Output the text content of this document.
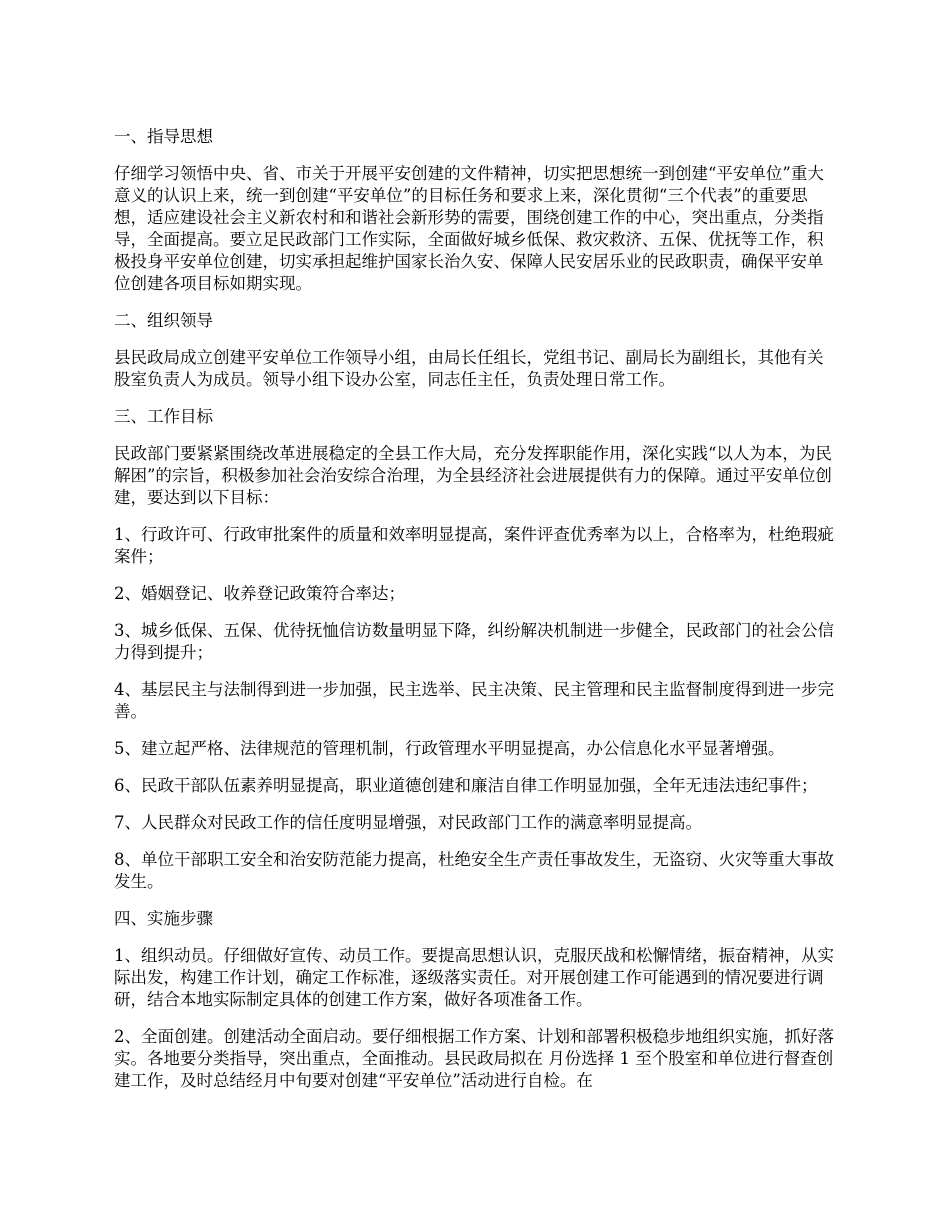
一、指导思想
仔细学习领悟中央、省、市关于开展平安创建的文件精神，切实把思想统一到创建“平安单位”重大意义的认识上来，统一到创建“平安单位”的目标任务和要求上来，深化贯彻“三个代表”的重要思想，适应建设社会主义新农村和和谐社会新形势的需要，围绕创建工作的中心，突出重点，分类指导，全面提高。要立足民政部门工作实际，全面做好城乡低保、救灾救济、五保、优抚等工作，积极投身平安单位创建，切实承担起维护国家长治久安、保障人民安居乐业的民政职责，确保平安单位创建各项目标如期实现。
二、组织领导
县民政局成立创建平安单位工作领导小组，由局长任组长，党组书记、副局长为副组长，其他有关股室负责人为成员。领导小组下设办公室，同志任主任，负责处理日常工作。
三、工作目标
民政部门要紧紧围绕改革进展稳定的全县工作大局，充分发挥职能作用，深化实践“以人为本，为民解困”的宗旨，积极参加社会治安综合治理，为全县经济社会进展提供有力的保障。通过平安单位创建，要达到以下目标：
1、行政许可、行政审批案件的质量和效率明显提高，案件评查优秀率为以上，合格率为，杜绝瑕疵案件；
2、婚姻登记、收养登记政策符合率达；
3、城乡低保、五保、优待抚恤信访数量明显下降，纠纷解决机制进一步健全，民政部门的社会公信力得到提升；
4、基层民主与法制得到进一步加强，民主选举、民主决策、民主管理和民主监督制度得到进一步完善。
5、建立起严格、法律规范的管理机制，行政管理水平明显提高，办公信息化水平显著增强。
6、民政干部队伍素养明显提高，职业道德创建和廉洁自律工作明显加强，全年无违法违纪事件；
7、人民群众对民政工作的信任度明显增强，对民政部门工作的满意率明显提高。
8、单位干部职工安全和治安防范能力提高，杜绝安全生产责任事故发生，无盗窃、火灾等重大事故发生。
四、实施步骤
1、组织动员。仔细做好宣传、动员工作。要提高思想认识，克服厌战和松懈情绪，振奋精神，从实际出发，构建工作计划，确定工作标准，逐级落实责任。对开展创建工作可能遇到的情况要进行调研，结合本地实际制定具体的创建工作方案，做好各项准备工作。
2、全面创建。创建活动全面启动。要仔细根据工作方案、计划和部署积极稳步地组织实施，抓好落实。各地要分类指导，突出重点，全面推动。县民政局拟在 月份选择 1 至个股室和单位进行督查创建工作，及时总结经月中旬要对创建“平安单位”活动进行自检。在
